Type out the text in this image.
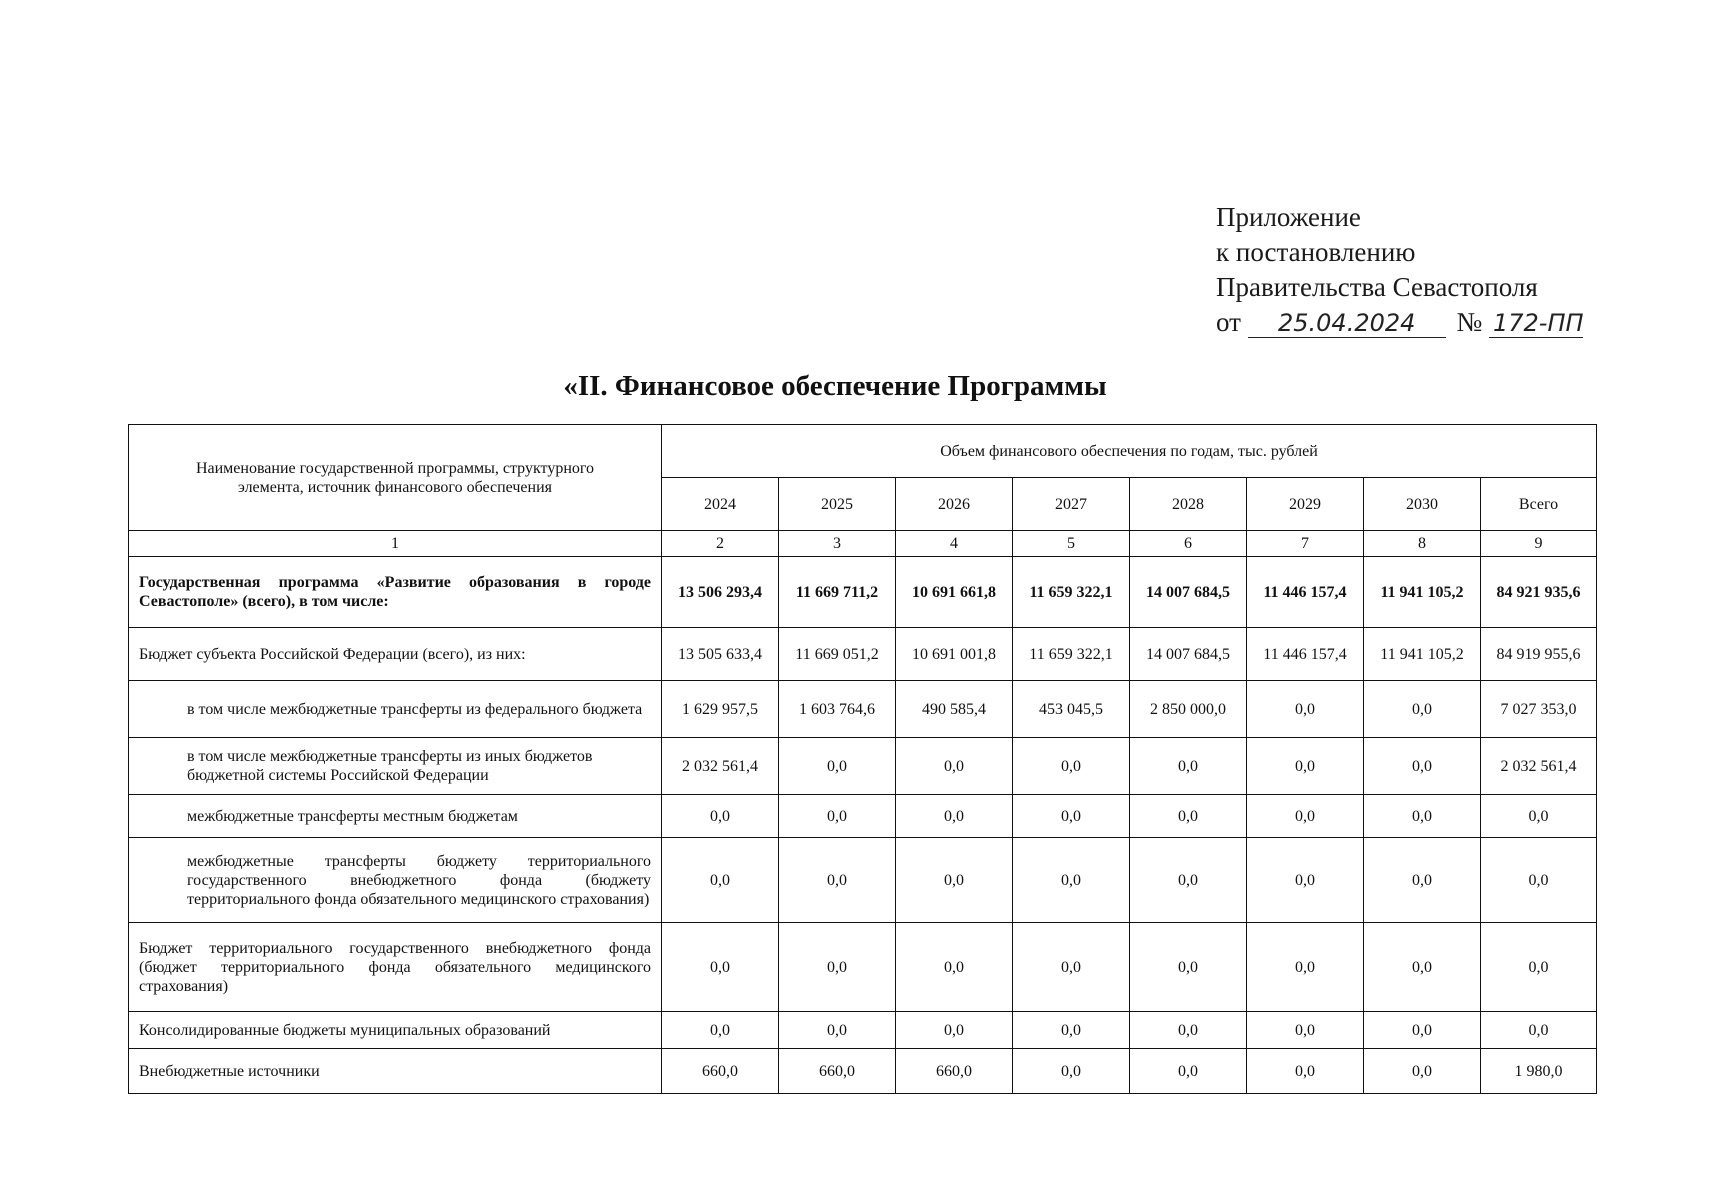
Приложение
к постановлению
Правительства Севастополя
от 25.04.2024 № 172-ПП
«II. Финансовое обеспечение Программы
Наименование государственной программы, структурного элемента, источник финансового обеспечения	Объем финансового обеспечения по годам, тыс. рублей							
	2024	2025	2026	2027	2028	2029	2030	Всего
1	2	3	4	5	6	7	8	9
Государственная программа «Развитие образования в городе Севастополе» (всего), в том числе:	13 506 293,4	11 669 711,2	10 691 661,8	11 659 322,1	14 007 684,5	11 446 157,4	11 941 105,2	84 921 935,6
Бюджет субъекта Российской Федерации (всего), из них:	13 505 633,4	11 669 051,2	10 691 001,8	11 659 322,1	14 007 684,5	11 446 157,4	11 941 105,2	84 919 955,6
в том числе межбюджетные трансферты из федерального бюджета	1 629 957,5	1 603 764,6	490 585,4	453 045,5	2 850 000,0	0,0	0,0	7 027 353,0
в том числе межбюджетные трансферты из иных бюджетов бюджетной системы Российской Федерации	2 032 561,4	0,0	0,0	0,0	0,0	0,0	0,0	2 032 561,4
межбюджетные трансферты местным бюджетам	0,0	0,0	0,0	0,0	0,0	0,0	0,0	0,0
межбюджетные трансферты бюджету территориального государственного внебюджетного фонда (бюджету территориального фонда обязательного медицинского страхования)	0,0	0,0	0,0	0,0	0,0	0,0	0,0	0,0
Бюджет территориального государственного внебюджетного фонда (бюджет территориального фонда обязательного медицинского страхования)	0,0	0,0	0,0	0,0	0,0	0,0	0,0	0,0
Консолидированные бюджеты муниципальных образований	0,0	0,0	0,0	0,0	0,0	0,0	0,0	0,0
Внебюджетные источники	660,0	660,0	660,0	0,0	0,0	0,0	0,0	1 980,0
